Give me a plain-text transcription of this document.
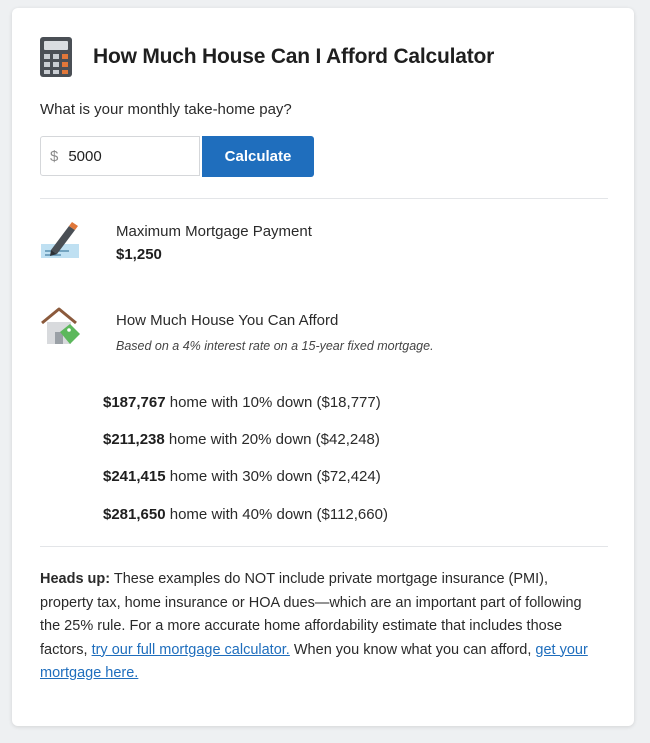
How Much House Can I Afford Calculator
What is your monthly take-home pay?
$
5000	Calculate
Maximum Mortgage Payment
$1,250
How Much House You Can Afford
Based on a 4% interest rate on a 15-year fixed mortgage.
$187,767 home with 10% down ($18,777)
$211,238 home with 20% down ($42,248)
$241,415 home with 30% down ($72,424)
$281,650 home with 40% down ($112,660)
Heads up: These examples do NOT include private mortgage insurance (PMI), property tax, home insurance or HOA dues—which are an important part of following the 25% rule. For a more accurate home affordability estimate that includes those factors, try our full mortgage calculator. When you know what you can afford, get your mortgage here.
